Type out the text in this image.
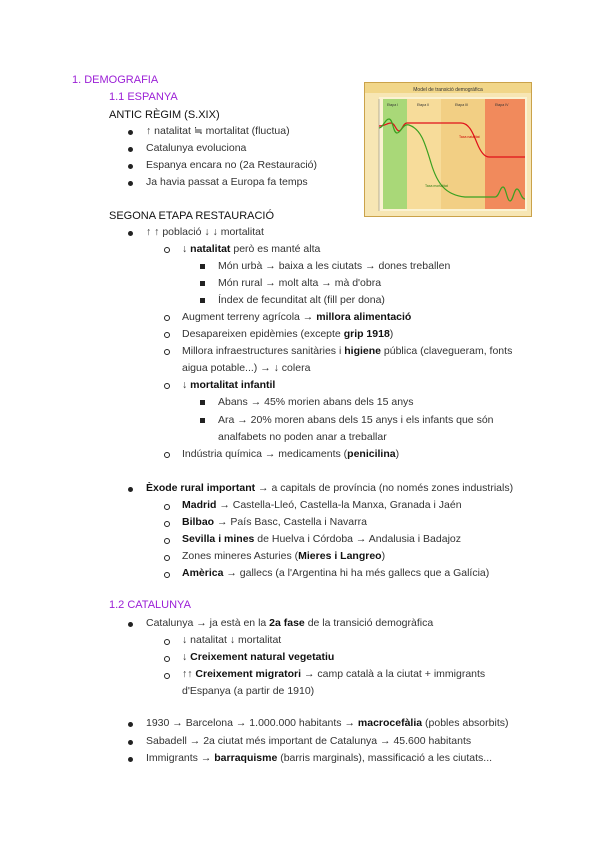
1. DEMOGRAFIA
1.1 ESPANYA
ANTIC RÈGIM (S.XIX)
↑ natalitat ≒ mortalitat (fluctua)
Catalunya evoluciona
Espanya encara no (2a Restauració)
Ja havia passat a Europa fa temps
Model de transició demogràfica
Etapa I	Etapa II	Etapa III	Etapa IV
Taxa natalitat
Taxa mortalitat
SEGONA ETAPA RESTAURACIÓ
↑ ↑ població ↓ ↓ mortalitat
↓ natalitat però es manté alta
Món urbà → baixa a les ciutats → dones treballen
Món rural → molt alta → mà d'obra
Índex de fecunditat alt (fill per dona)
Augment terreny agrícola → millora alimentació
Desapareixen epidèmies (excepte grip 1918)
Millora infraestructures sanitàries i higiene pública (clavegueram, fonts
aigua potable...) → ↓ colera
↓ mortalitat infantil
Abans → 45% morien abans dels 15 anys
Ara → 20% moren abans dels 15 anys i els infants que són
analfabets no poden anar a treballar
Indústria química → medicaments (penicilina)
Èxode rural important → a capitals de província (no només zones industrials)
Madrid → Castella-Lleó, Castella-la Manxa, Granada i Jaén
Bilbao → País Basc, Castella i Navarra
Sevilla i mines de Huelva i Córdoba → Andalusia i Badajoz
Zones mineres Asturies (Mieres i Langreo)
Amèrica → gallecs (a l'Argentina hi ha més gallecs que a Galícia)
1.2 CATALUNYA
Catalunya → ja està en la 2a fase de la transició demogràfica
↓ natalitat ↓ mortalitat
↓ Creixement natural vegetatiu
↑↑ Creixement migratori → camp català a la ciutat + immigrants
d'Espanya (a partir de 1910)
1930 → Barcelona → 1.000.000 habitants → macrocefàlia (pobles absorbits)
Sabadell → 2a ciutat més important de Catalunya → 45.600 habitants
Immigrants → barraquisme (barris marginals), massificació a les ciutats...
